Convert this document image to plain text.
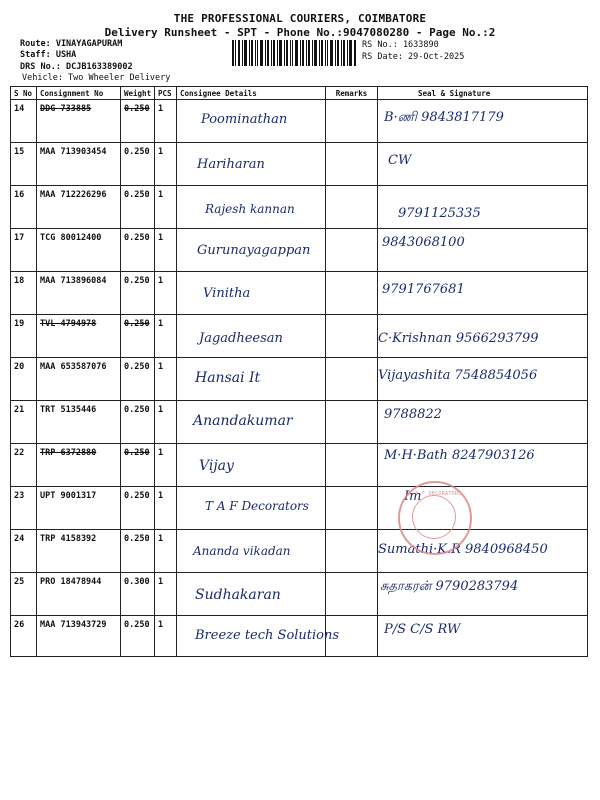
THE PROFESSIONAL COURIERS, COIMBATORE
Delivery Runsheet - SPT - Phone No.:9047080280 - Page No.:2
Route: VINAYAGAPURAM
Staff: USHA
DRS No.: DCJB163389002
Vehicle: Two Wheeler Delivery
RS No.: 1633890
RS Date: 29-Oct-2025
S No	Consignment No	Weight	PCS	Consignee Details	Remarks	Seal & Signature
14	DDG 733885	0.250	1	Poominathan		B·ணி 9843817179

15	MAA 713903454	0.250	1	Hariharan		CW

16	MAA 712226296	0.250	1	Rajesh kannan		9791125335

17	TCG 80012400	0.250	1	Gurunayagappan		9843068100

18	MAA 713896084	0.250	1	Vinitha		9791767681

19	TVL 4794978	0.250	1	Jagadheesan		C·Krishnan 9566293799

20	MAA 653587076	0.250	1	Hansai It		Vijayashita 7548854056

21	TRT 5135446	0.250	1	Anandakumar		9788822

22	TRP 6372880	0.250	1	Vijay		M·H·Bath 8247903126

23	UPT 9001317	0.250	1	T A F Decorators		Im

24	TRP 4158392	0.250	1	Ananda vikadan		Sumathi·K.R 9840968450

25	PRO 18478944	0.300	1	Sudhakaran		சுதாகரன் 9790283794

26	MAA 713943729	0.250	1	Breeze tech Solutions		P/S C/S RW
T A F DECORATORS
